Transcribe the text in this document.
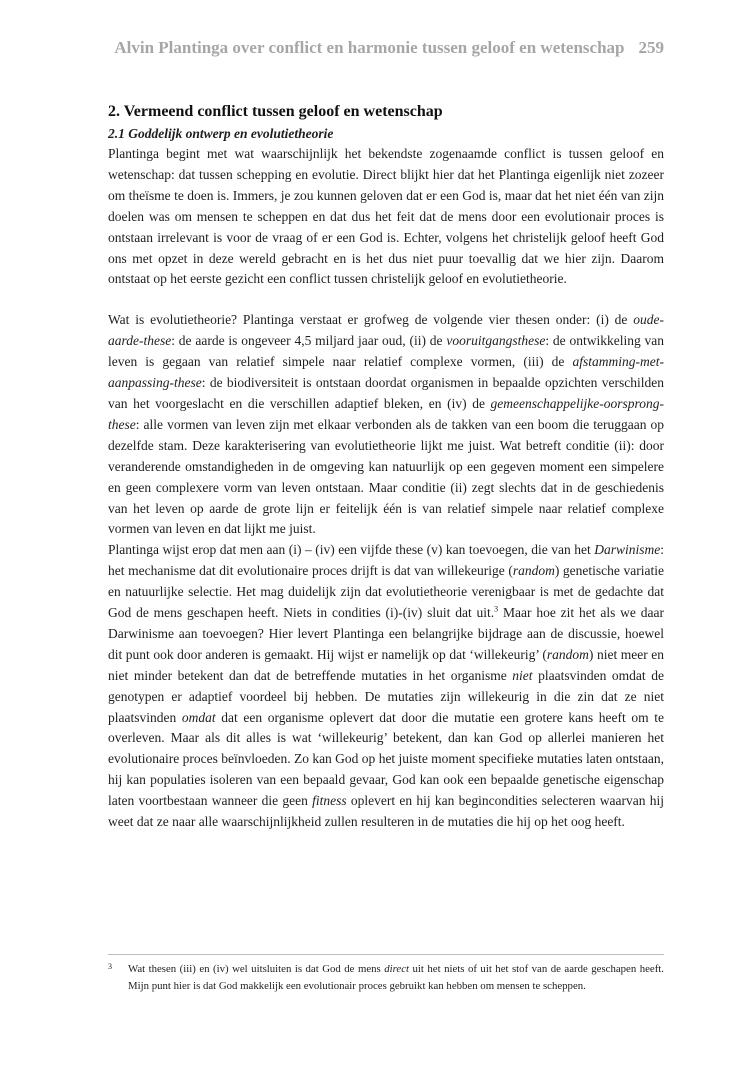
Alvin Plantinga over conflict en harmonie tussen geloof en wetenschap 259
2. Vermeend conflict tussen geloof en wetenschap
2.1 Goddelijk ontwerp en evolutietheorie

Plantinga begint met wat waarschijnlijk het bekendste zogenaamde conflict is tussen geloof en wetenschap: dat tussen schepping en evolutie. Direct blijkt hier dat het Plantinga eigenlijk niet zozeer om theïsme te doen is. Immers, je zou kunnen geloven dat er een God is, maar dat het niet één van zijn doelen was om mensen te scheppen en dat dus het feit dat de mens door een evolutionair proces is ontstaan irrelevant is voor de vraag of er een God is. Echter, volgens het christelijk geloof heeft God ons met opzet in deze wereld gebracht en is het dus niet puur toevallig dat we hier zijn. Daarom ontstaat op het eerste gezicht een conflict tussen christelijk geloof en evolutietheorie.

Wat is evolutietheorie? Plantinga verstaat er grofweg de volgende vier thesen onder: (i) de oude-aarde-these: de aarde is ongeveer 4,5 miljard jaar oud, (ii) de vooruitgangsthese: de ontwikkeling van leven is gegaan van relatief simpele naar relatief complexe vormen, (iii) de afstamming-met-aanpassing-these: de biodiversiteit is ontstaan doordat organismen in bepaalde opzichten verschilden van het voorgeslacht en die verschillen adaptief bleken, en (iv) de gemeenschappelijke-oorsprong-these: alle vormen van leven zijn met elkaar verbonden als de takken van een boom die teruggaan op dezelfde stam. Deze karakterisering van evolutietheorie lijkt me juist. Wat betreft conditie (ii): door veranderende omstandigheden in de omgeving kan natuurlijk op een gegeven moment een simpelere en geen complexere vorm van leven ontstaan. Maar conditie (ii) zegt slechts dat in de geschiedenis van het leven op aarde de grote lijn er feitelijk één is van relatief simpele naar relatief complexe vormen van leven en dat lijkt me juist.

Plantinga wijst erop dat men aan (i) – (iv) een vijfde these (v) kan toevoegen, die van het Darwinisme: het mechanisme dat dit evolutionaire proces drijft is dat van willekeurige (random) genetische variatie en natuurlijke selectie. Het mag duidelijk zijn dat evolutietheorie verenigbaar is met de gedachte dat God de mens geschapen heeft. Niets in condities (i)-(iv) sluit dat uit.$^3$ Maar hoe zit het als we daar Darwinisme aan toevoegen? Hier levert Plantinga een belangrijke bijdrage aan de discussie, hoewel dit punt ook door anderen is gemaakt. Hij wijst er namelijk op dat ‘willekeurig’ (random) niet meer en niet minder betekent dan dat de betreffende mutaties in het organisme niet plaatsvinden omdat de genotypen er adaptief voordeel bij hebben. De mutaties zijn willekeurig in die zin dat ze niet plaatsvinden omdat dat een organisme oplevert dat door die mutatie een grotere kans heeft om te overleven. Maar als dit alles is wat ‘willekeurig’ betekent, dan kan God op allerlei manieren het evolutionaire proces beïnvloeden. Zo kan God op het juiste moment specifieke mutaties laten ontstaan, hij kan populaties isoleren van een bepaald gevaar, God kan ook een bepaalde genetische eigenschap laten voortbestaan wanneer die geen fitness oplevert en hij kan begincondities selecteren waarvan hij weet dat ze naar alle waarschijnlijkheid zullen resulteren in de mutaties die hij op het oog heeft.

3 Wat thesen (iii) en (iv) wel uitsluiten is dat God de mens direct uit het niets of uit het stof van de aarde geschapen heeft. Mijn punt hier is dat God makkelijk een evolutionair proces gebruikt kan hebben om mensen te scheppen.
